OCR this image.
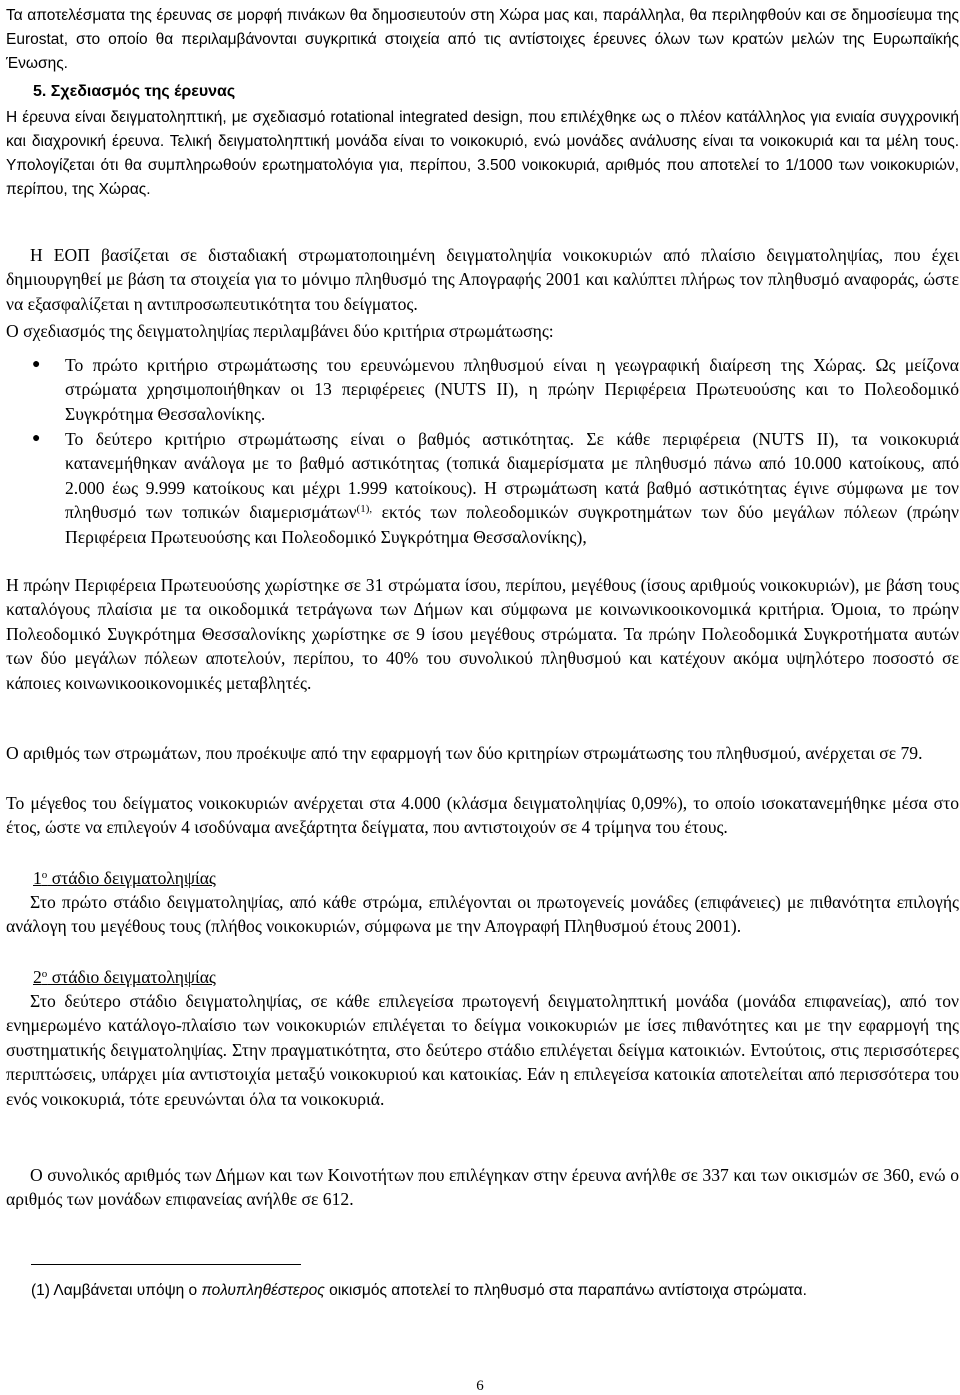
Τα αποτελέσματα της έρευνας σε μορφή πινάκων θα δημοσιευτούν στη Χώρα μας και, παράλληλα, θα περιληφθούν και σε δημοσίευμα της Eurostat, στο οποίο θα περιλαμβάνονται συγκριτικά στοιχεία από τις αντίστοιχες έρευνες όλων των κρατών μελών της Ευρωπαϊκής Ένωσης.

5. Σχεδιασμός της έρευνας

Η έρευνα είναι δειγματοληπτική, με σχεδιασμό rotational integrated design, που επιλέχθηκε ως ο πλέον κατάλληλος για ενιαία συγχρονική και διαχρονική έρευνα. Τελική δειγματοληπτική μονάδα είναι το νοικοκυριό, ενώ μονάδες ανάλυσης είναι τα νοικοκυριά και τα μέλη τους. Υπολογίζεται ότι θα συμπληρωθούν ερωτηματολόγια για, περίπου, 3.500 νοικοκυριά, αριθμός που αποτελεί το 1/1000 των νοικοκυριών, περίπου, της Χώρας.

Η ΕΟΠ βασίζεται σε δισταδιακή στρωματοποιημένη δειγματοληψία νοικοκυριών από πλαίσιο δειγματοληψίας, που έχει δημιουργηθεί με βάση τα στοιχεία για το μόνιμο πληθυσμό της Απογραφής 2001 και καλύπτει πλήρως τον πληθυσμό αναφοράς, ώστε να εξασφαλίζεται η αντιπροσωπευτικότητα του δείγματος.

Ο σχεδιασμός της δειγματοληψίας περιλαμβάνει δύο κριτήρια στρωμάτωσης:

● Το πρώτο κριτήριο στρωμάτωσης του ερευνώμενου πληθυσμού είναι η γεωγραφική διαίρεση της Χώρας. Ως μείζονα στρώματα χρησιμοποιήθηκαν οι 13 περιφέρειες (NUTS II), η πρώην Περιφέρεια Πρωτευούσης και το Πολεοδομικό Συγκρότημα Θεσσαλονίκης.

● Το δεύτερο κριτήριο στρωμάτωσης είναι ο βαθμός αστικότητας. Σε κάθε περιφέρεια (NUTS II), τα νοικοκυριά κατανεμήθηκαν ανάλογα με το βαθμό αστικότητας (τοπικά διαμερίσματα με πληθυσμό πάνω από 10.000 κατοίκους, από 2.000 έως 9.999 κατοίκους και μέχρι 1.999 κατοίκους). Η στρωμάτωση κατά βαθμό αστικότητας έγινε σύμφωνα με τον πληθυσμό των τοπικών διαμερισμάτων$^{(1),}$ εκτός των πολεοδομικών συγκροτημάτων των δύο μεγάλων πόλεων (πρώην Περιφέρεια Πρωτευούσης και Πολεοδομικό Συγκρότημα Θεσσαλονίκης),

Η πρώην Περιφέρεια Πρωτευούσης χωρίστηκε σε 31 στρώματα ίσου, περίπου, μεγέθους (ίσους αριθμούς νοικοκυριών), με βάση τους καταλόγους πλαίσια με τα οικοδομικά τετράγωνα των Δήμων και σύμφωνα με κοινωνικοοικονομικά κριτήρια. Όμοια, το πρώην Πολεοδομικό Συγκρότημα Θεσσαλονίκης χωρίστηκε σε 9 ίσου μεγέθους στρώματα. Τα πρώην Πολεοδομικά Συγκροτήματα αυτών των δύο μεγάλων πόλεων αποτελούν, περίπου, το 40% του συνολικού πληθυσμού και κατέχουν ακόμα υψηλότερο ποσοστό σε κάποιες κοινωνικοοικονομικές μεταβλητές.

Ο αριθμός των στρωμάτων, που προέκυψε από την εφαρμογή των δύο κριτηρίων στρωμάτωσης του πληθυσμού, ανέρχεται σε 79.

Το μέγεθος του δείγματος νοικοκυριών ανέρχεται στα 4.000 (κλάσμα δειγματοληψίας 0,09%), το οποίο ισοκατανεμήθηκε μέσα στο έτος, ώστε να επιλεγούν 4 ισοδύναμα ανεξάρτητα δείγματα, που αντιστοιχούν σε 4 τρίμηνα του έτους.

$1^o$ στάδιο δειγματοληψίας

Στο πρώτο στάδιο δειγματοληψίας, από κάθε στρώμα, επιλέγονται οι πρωτογενείς μονάδες (επιφάνειες) με πιθανότητα επιλογής ανάλογη του μεγέθους τους (πλήθος νοικοκυριών, σύμφωνα με την Απογραφή Πληθυσμού έτους 2001).

$2^o$ στάδιο δειγματοληψίας

Στο δεύτερο στάδιο δειγματοληψίας, σε κάθε επιλεγείσα πρωτογενή δειγματοληπτική μονάδα (μονάδα επιφανείας), από τον ενημερωμένο κατάλογο-πλαίσιο των νοικοκυριών επιλέγεται το δείγμα νοικοκυριών με ίσες πιθανότητες και με την εφαρμογή της συστηματικής δειγματοληψίας. Στην πραγματικότητα, στο δεύτερο στάδιο επιλέγεται δείγμα κατοικιών. Εντούτοις, στις περισσότερες περιπτώσεις, υπάρχει μία αντιστοιχία μεταξύ νοικοκυριού και κατοικίας. Εάν η επιλεγείσα κατοικία αποτελείται από περισσότερα του ενός νοικοκυριά, τότε ερευνώνται όλα τα νοικοκυριά.

Ο συνολικός αριθμός των Δήμων και των Κοινοτήτων που επιλέγηκαν στην έρευνα ανήλθε σε 337 και των οικισμών σε 360, ενώ ο αριθμός των μονάδων επιφανείας ανήλθε σε 612.

(1) Λαμβάνεται υπόψη ο πολυπληθέστερος οικισμός αποτελεί το πληθυσμό στα παραπάνω αντίστοιχα στρώματα.

6
